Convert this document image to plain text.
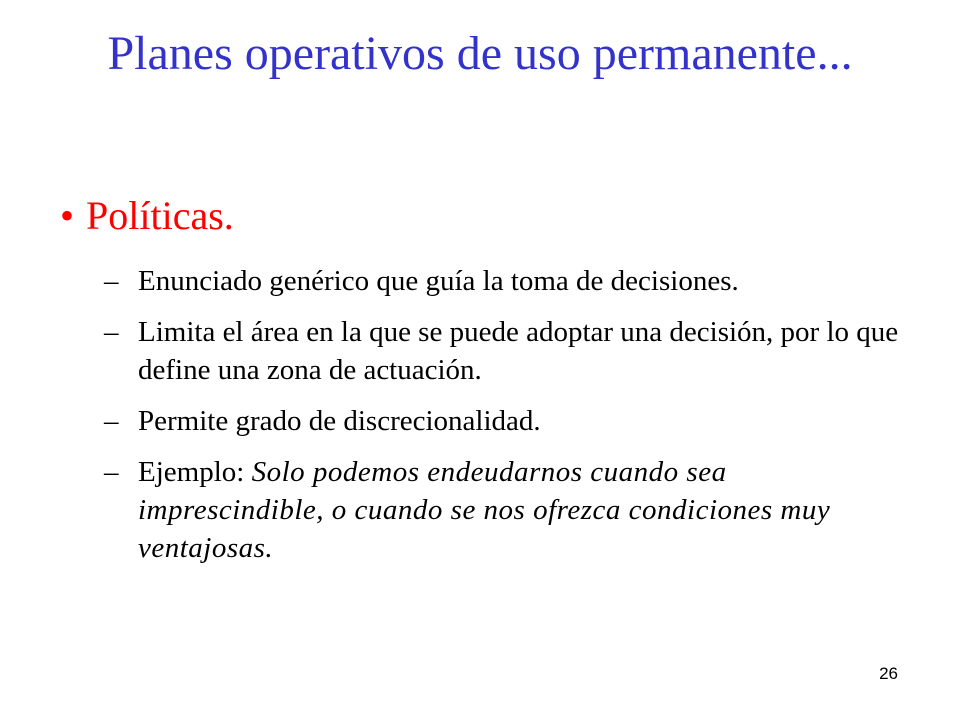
Planes operativos de uso permanente...
• Políticas.
– Enunciado genérico que guía la toma de decisiones.
– Limita el área en la que se puede adoptar una decisión, por lo que define una zona de actuación.
– Permite grado de discrecionalidad.
– Ejemplo: Solo podemos endeudarnos cuando sea imprescindible, o cuando se nos ofrezca condiciones muy ventajosas.
26
